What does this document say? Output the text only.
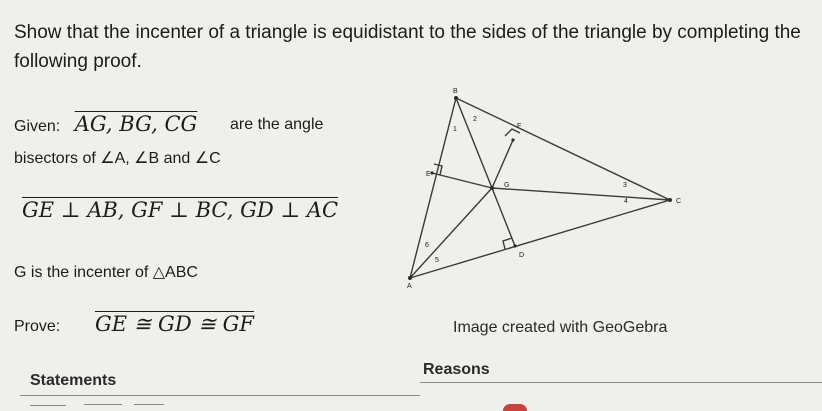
Show that the incenter of a triangle is equidistant to the sides of the triangle by completing the following proof.
Given: AG, BG, CG are the angle
bisectors of ∠A, ∠B and ∠C
GE ⊥ AB, GF ⊥ BC, GD ⊥ AC
G is the incenter of △ABC
Prove: GE ≅ GD ≅ GF	Image created with GeoGebra
B
C
A
E
G
F
D
1
2
3
4
5
6
Statements
Reasons
